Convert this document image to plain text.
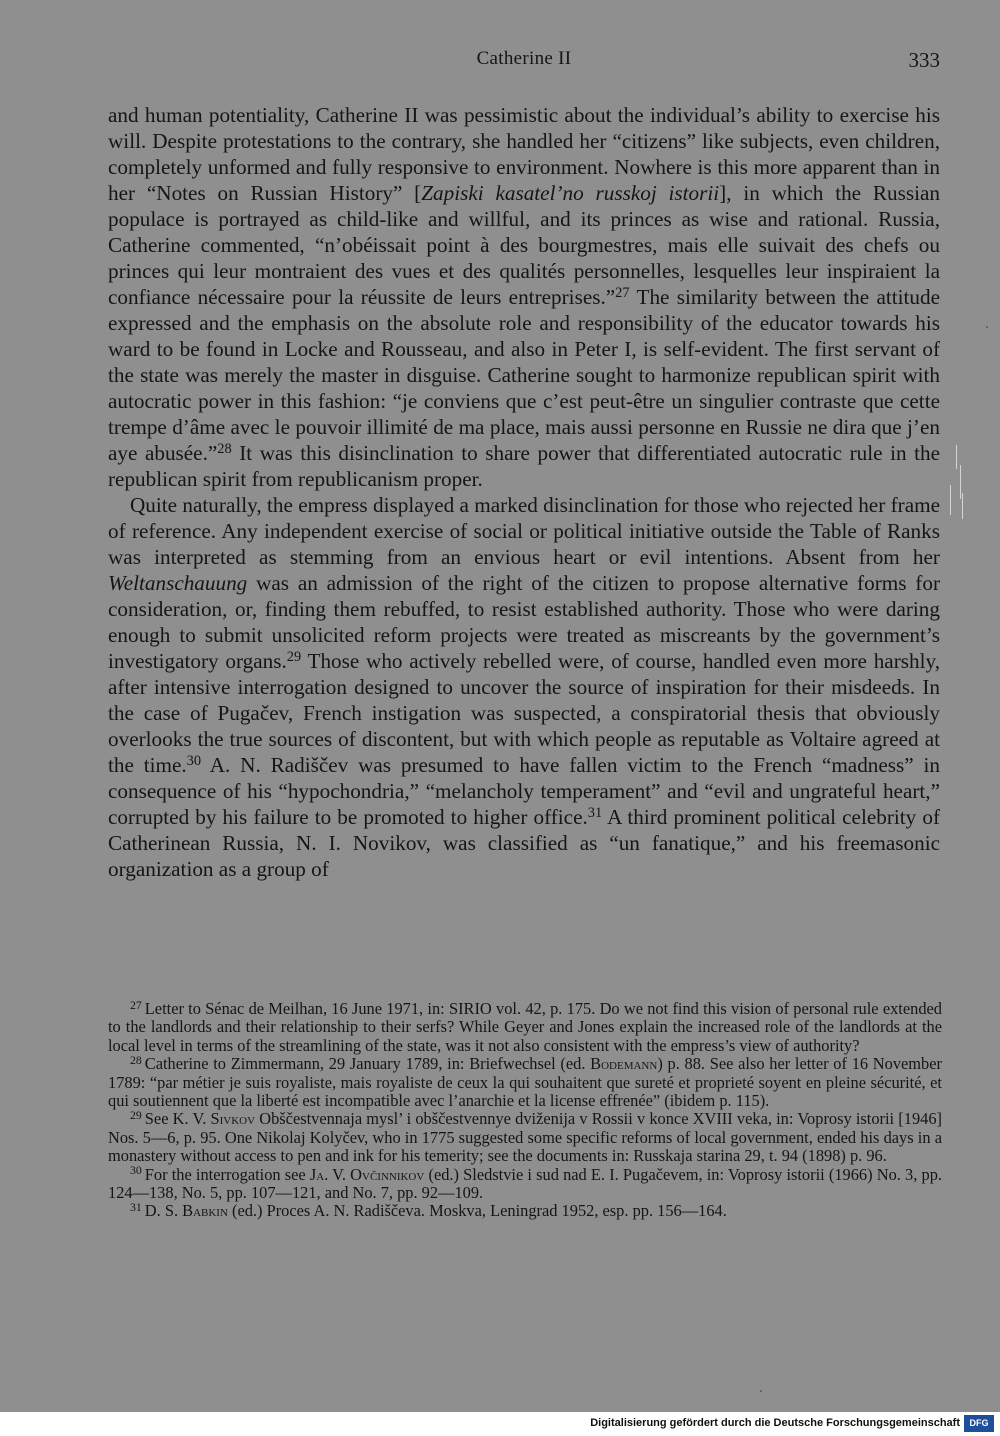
Catherine II	333

and human potentiality, Catherine II was pessimistic about the individual’s ability to exercise his will. Despite protestations to the contrary, she handled her “citizens” like subjects, even children, completely unformed and fully responsive to environment. Nowhere is this more apparent than in her “Notes on Russian History” [Zapiski kasatel’no russkoj istorii], in which the Russian populace is portrayed as child-like and willful, and its princes as wise and rational. Russia, Catherine commented, “n’obéissait point à des bourgmestres, mais elle suivait des chefs ou princes qui leur montraient des vues et des qualités personnelles, lesquelles leur inspiraient la confiance nécessaire pour la réussite de leurs entreprises.”$^{27}$ The similarity between the attitude expressed and the emphasis on the absolute role and responsibility of the educator towards his ward to be found in Locke and Rousseau, and also in Peter I, is self-evident. The first servant of the state was merely the master in disguise. Catherine sought to harmonize republican spirit with autocratic power in this fashion: “je conviens que c’est peut-être un singulier contraste que cette trempe d’âme avec le pouvoir illimité de ma place, mais aussi personne en Russie ne dira que j’en aye abusée.”$^{28}$ It was this disinclination to share power that differentiated autocratic rule in the republican spirit from republicanism proper.

Quite naturally, the empress displayed a marked disinclination for those who rejected her frame of reference. Any independent exercise of social or political initiative outside the Table of Ranks was interpreted as stemming from an envious heart or evil intentions. Absent from her Weltanschauung was an admission of the right of the citizen to propose alternative forms for consideration, or, finding them rebuffed, to resist established authority. Those who were daring enough to submit unsolicited reform projects were treated as miscreants by the government’s investigatory organs.$^{29}$ Those who actively rebelled were, of course, handled even more harshly, after intensive interrogation designed to uncover the source of inspiration for their misdeeds. In the case of Pugačev, French instigation was suspected, a conspiratorial thesis that obviously overlooks the true sources of discontent, but with which people as reputable as Voltaire agreed at the time.$^{30}$ A. N. Radiščev was presumed to have fallen victim to the French “madness” in consequence of his “hypochondria,” “melancholy temperament” and “evil and ungrateful heart,” corrupted by his failure to be promoted to higher office.$^{31}$ A third prominent political celebrity of Catherinean Russia, N. I. Novikov, was classified as “un fanatique,” and his freemasonic organization as a group of

$^{27}$ Letter to Sénac de Meilhan, 16 June 1971, in: SIRIO vol. 42, p. 175. Do we not find this vision of personal rule extended to the landlords and their relationship to their serfs? While Geyer and Jones explain the increased role of the landlords at the local level in terms of the streamlining of the state, was it not also consistent with the empress’s view of authority?

$^{28}$ Catherine to Zimmermann, 29 January 1789, in: Briefwechsel (ed. Bodemann) p. 88. See also her letter of 16 November 1789: “par métier je suis royaliste, mais royaliste de ceux la qui souhaitent que sureté et proprieté soyent en pleine sécurité, et qui soutiennent que la liberté est incompatible avec l’anarchie et la license effrenée” (ibidem p. 115).

$^{29}$ See K. V. Sivkov Obščestvennaja mysl’ i obščestvennye dviženija v Rossii v konce XVIII veka, in: Voprosy istorii [1946] Nos. 5—6, p. 95. One Nikolaj Kolyčev, who in 1775 suggested some specific reforms of local government, ended his days in a monastery without access to pen and ink for his temerity; see the documents in: Russkaja starina 29, t. 94 (1898) p. 96.

$^{30}$ For the interrogation see Ja. V. Ovčinnikov (ed.) Sledstvie i sud nad E. I. Pugačevem, in: Voprosy istorii (1966) No. 3, pp. 124—138, No. 5, pp. 107—121, and No. 7, pp. 92—109.

$^{31}$ D. S. Babkin (ed.) Proces A. N. Radiščeva. Moskva, Leningrad 1952, esp. pp. 156—164.

Digitalisierung gefördert durch die Deutsche Forschungsgemeinschaft	DFG
